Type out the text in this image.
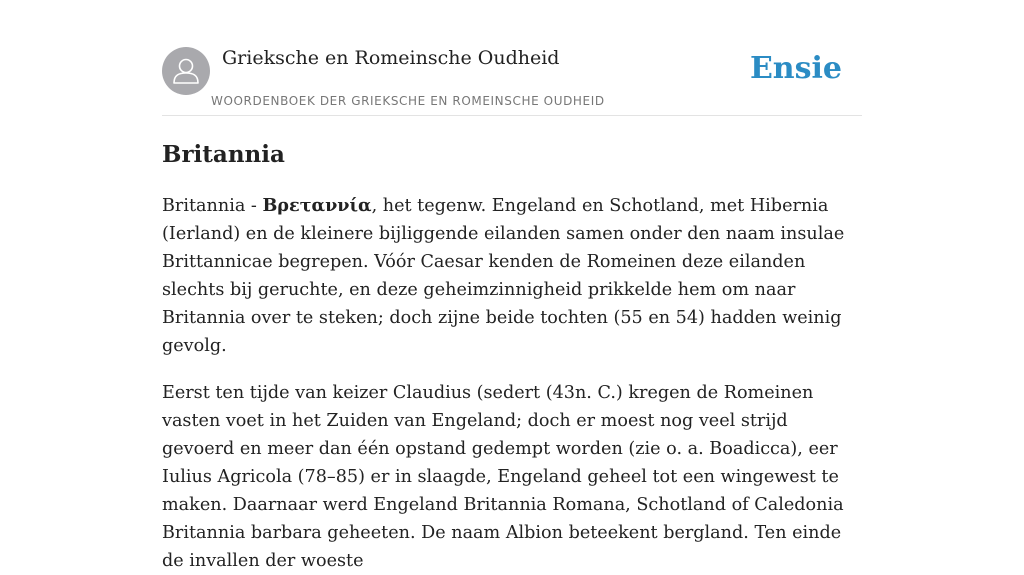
Grieksche en Romeinsche Oudheid
WOORDENBOEK DER GRIEKSCHE EN ROMEINSCHE OUDHEID
Ensie
Britannia

Britannia - Βρεταννία, het tegenw. Engeland en Schotland, met Hibernia (Ierland) en de kleinere bijliggende eilanden samen onder den naam insulae Brittannicae begrepen. Vóór Caesar kenden de Romeinen deze eilanden slechts bij geruchte, en deze geheimzinnigheid prikkelde hem om naar Britannia over te steken; doch zijne beide tochten (55 en 54) hadden weinig gevolg.

Eerst ten tijde van keizer Claudius (sedert (43n. C.) kregen de Romeinen vasten voet in het Zuiden van Engeland; doch er moest nog veel strijd gevoerd en meer dan één opstand gedempt worden (zie o. a. Boadicca), eer Iulius Agricola (78–85) er in slaagde, Engeland geheel tot een wingewest te maken. Daarnaar werd Engeland Britannia Romana, Schotland of Caledonia Britannia barbara geheeten. De naam Albion beteekent bergland. Ten einde de invallen der woeste
